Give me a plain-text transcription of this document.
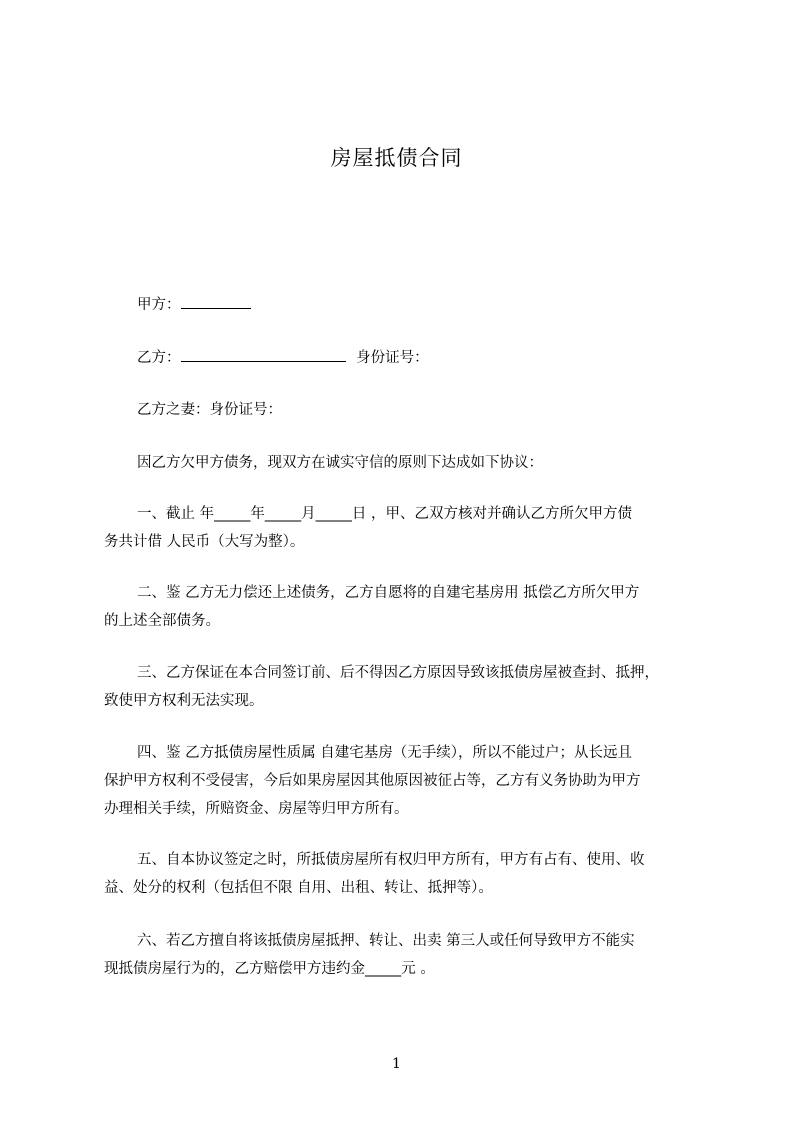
房屋抵债合同
甲方：
乙方：	身份证号：
乙方之妻：身份证号：
因乙方欠甲方债务，现双方在诚实守信的原则下达成如下协议：
一、截止 年_____年_____月_____日 ，甲、乙双方核对并确认乙方所欠甲方债
务共计借 人民币（大写为整）。
二、鉴 乙方无力偿还上述债务，乙方自愿将的自建宅基房用 抵偿乙方所欠甲方
的上述全部债务。
三、乙方保证在本合同签订前、后不得因乙方原因导致该抵债房屋被查封、抵押，
致使甲方权利无法实现。
四、鉴 乙方抵债房屋性质属 自建宅基房（无手续），所以不能过户；从长远且
保护甲方权利不受侵害，今后如果房屋因其他原因被征占等，乙方有义务协助为甲方
办理相关手续，所赔资金、房屋等归甲方所有。
五、自本协议签定之时，所抵债房屋所有权归甲方所有，甲方有占有、使用、收
益、处分的权利（包括但不限 自用、出租、转让、抵押等）。
六、若乙方擅自将该抵债房屋抵押、转让、出卖 第三人或任何导致甲方不能实
现抵债房屋行为的，乙方赔偿甲方违约金_____元 。
1
